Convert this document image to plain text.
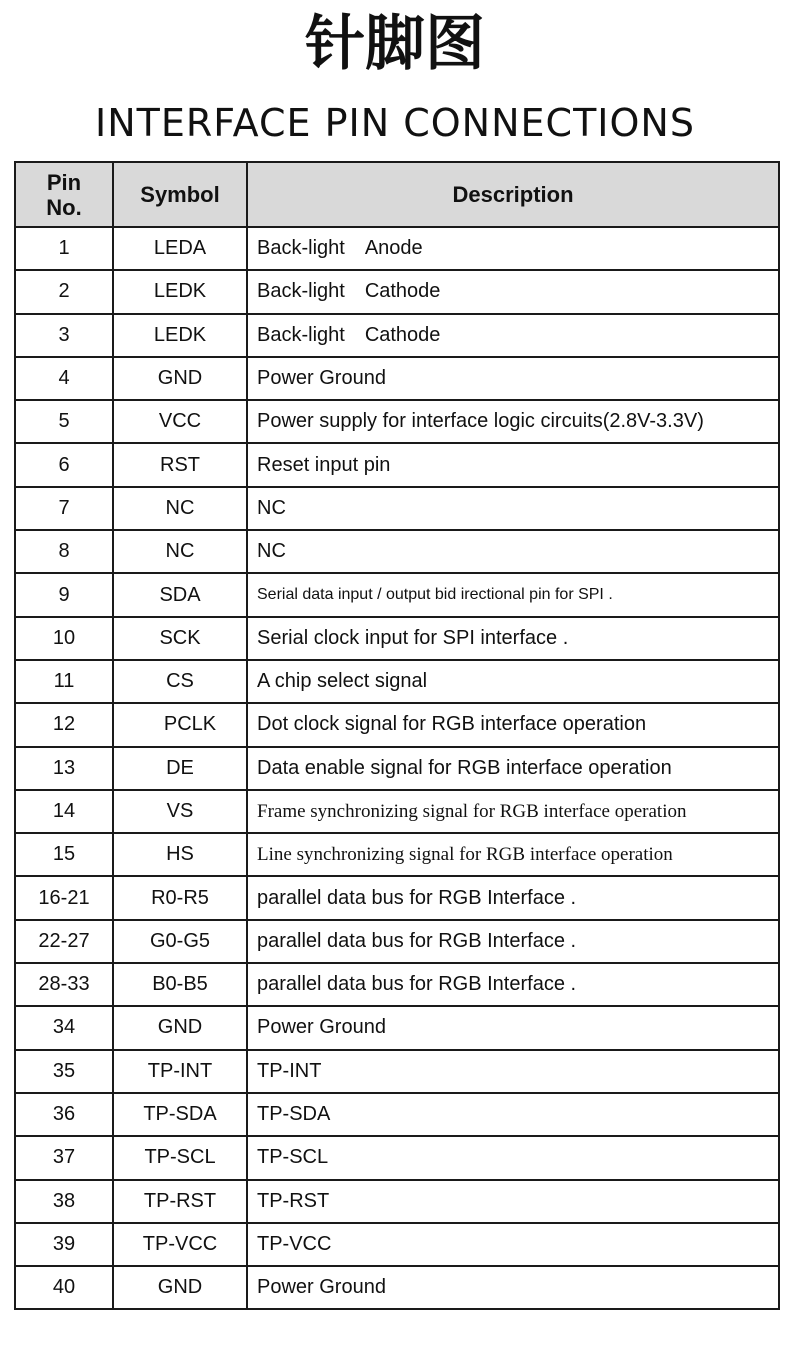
针脚图
INTERFACE PIN CONNECTIONS
Pin
No.	Symbol	Description
1	LEDA	Back-light Anode
2	LEDK	Back-light Cathode
3	LEDK	Back-light Cathode
4	GND	Power Ground
5	VCC	Power supply for interface logic circuits(2.8V-3.3V)
6	RST	Reset input pin
7	NC	NC
8	NC	NC
9	SDA	Serial data input / output bid irectional pin for SPI .
10	SCK	Serial clock input for SPI interface .
11	CS	A chip select signal
12	PCLK	Dot clock signal for RGB interface operation
13	DE	Data enable signal for RGB interface operation
14	VS	Frame synchronizing signal for RGB interface operation
15	HS	Line synchronizing signal for RGB interface operation
16-21	R0-R5	parallel data bus for RGB Interface .
22-27	G0-G5	parallel data bus for RGB Interface .
28-33	B0-B5	parallel data bus for RGB Interface .
34	GND	Power Ground
35	TP-INT	TP-INT
36	TP-SDA	TP-SDA
37	TP-SCL	TP-SCL
38	TP-RST	TP-RST
39	TP-VCC	TP-VCC
40	GND	Power Ground
